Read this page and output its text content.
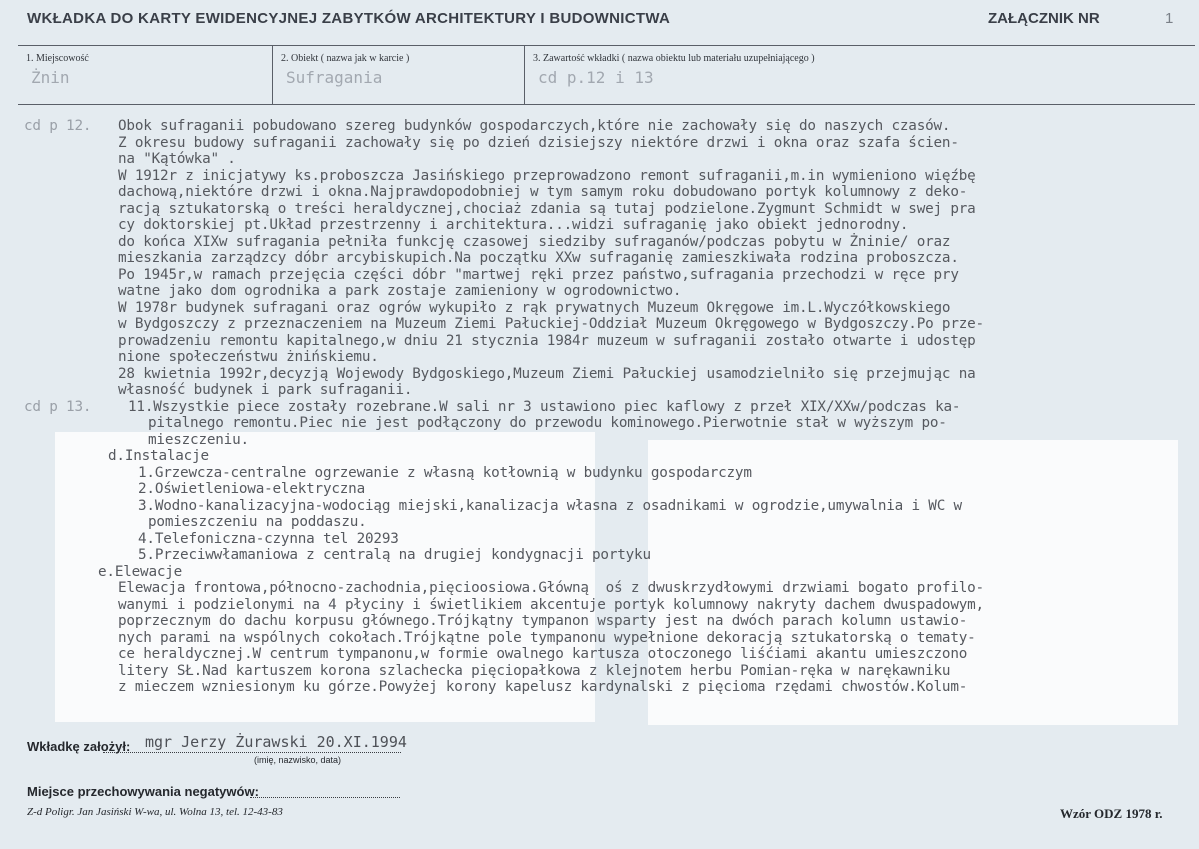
WKŁADKA DO KARTY EWIDENCYJNEJ ZABYTKÓW ARCHITEKTURY I BUDOWNICTWA	ZAŁĄCZNIK NR	1
1. Miejscowość
Żnin
2. Obiekt ( nazwa jak w karcie )
Sufragania
3. Zawartość wkładki ( nazwa obiektu lub materiału uzupełniającego )
cd p.12 i 13
cd p 12. Obok sufraganii pobudowano szereg budynków gospodarczych,które nie zachowały się do naszych czasów.
Z okresu budowy sufraganii zachowały się po dzień dzisiejszy niektóre drzwi i okna oraz szafa ścien-
na "Kątówka" .
W 1912r z inicjatywy ks.proboszcza Jasińskiego przeprowadzono remont sufraganii,m.in wymieniono więźbę
dachową,niektóre drzwi i okna.Najprawdopodobniej w tym samym roku dobudowano portyk kolumnowy z deko-
racją sztukatorską o treści heraldycznej,chociaż zdania są tutaj podzielone.Zygmunt Schmidt w swej pra
cy doktorskiej pt.Układ przestrzenny i architektura...widzi sufraganię jako obiekt jednorodny.
do końca XIXw sufragania pełniła funkcję czasowej siedziby sufraganów/podczas pobytu w Żninie/ oraz
mieszkania zarządzcy dóbr arcybiskupich.Na początku XXw sufraganię zamieszkiwała rodzina proboszcza.
Po 1945r,w ramach przejęcia części dóbr "martwej ręki przez państwo,sufragania przechodzi w ręce pry
watne jako dom ogrodnika a park zostaje zamieniony w ogrodownictwo.
W 1978r budynek sufragani oraz ogrów wykupiło z rąk prywatnych Muzeum Okręgowe im.L.Wyczółkowskiego
w Bydgoszczy z przeznaczeniem na Muzeum Ziemi Pałuckiej-Oddział Muzeum Okręgowego w Bydgoszczy.Po prze-
prowadzeniu remontu kapitalnego,w dniu 21 stycznia 1984r muzeum w sufraganii zostało otwarte i udostęp
nione społeczeństwu żnińskiemu.
28 kwietnia 1992r,decyzją Wojewody Bydgoskiego,Muzeum Ziemi Pałuckiej usamodzielniło się przejmując na
własność budynek i park sufraganii.
cd p 13.	11.Wszystkie piece zostały rozebrane.W sali nr 3 ustawiono piec kaflowy z przeł XIX/XXw/podczas ka-
pitalnego remontu.Piec nie jest podłączony do przewodu kominowego.Pierwotnie stał w wyższym po-
mieszczeniu.
d.Instalacje
1.Grzewcza-centralne ogrzewanie z własną kotłownią w budynku gospodarczym
2.Oświetleniowa-elektryczna
3.Wodno-kanalizacyjna-wodociąg miejski,kanalizacja własna z osadnikami w ogrodzie,umywalnia i WC w
pomieszczeniu na poddaszu.
4.Telefoniczna-czynna tel 20293
5.Przeciwwłamaniowa z centralą na drugiej kondygnacji portyku
e.Elewacje
Elewacja frontowa,północno-zachodnia,pięcioosiowa.Główną  oś z dwuskrzydłowymi drzwiami bogato profilo-
wanymi i podzielonymi na 4 płyciny i świetlikiem akcentuje portyk kolumnowy nakryty dachem dwuspadowym,
poprzecznym do dachu korpusu głównego.Trójkątny tympanon wsparty jest na dwóch parach kolumn ustawio-
nych parami na wspólnych cokołach.Trójkątne pole tympanonu wypełnione dekoracją sztukatorską o tematy-
ce heraldycznej.W centrum tympanonu,w formie owalnego kartusza otoczonego liśćiami akantu umieszczono
litery SŁ.Nad kartuszem korona szlachecka pięciopałkowa z klejnotem herbu Pomian-ręka w narękawniku
z mieczem wzniesionym ku górze.Powyżej korony kapelusz kardynalski z pięcioma rzędami chwostów.Kolum-
Wkładkę założył: mgr Jerzy Żurawski 20.XI.1994
(imię, nazwisko, data)
Miejsce przechowywania negatywów:
Z-d Poligr. Jan Jasiński W-wa, ul. Wolna 13, tel. 12-43-83	Wzór ODZ 1978 r.
